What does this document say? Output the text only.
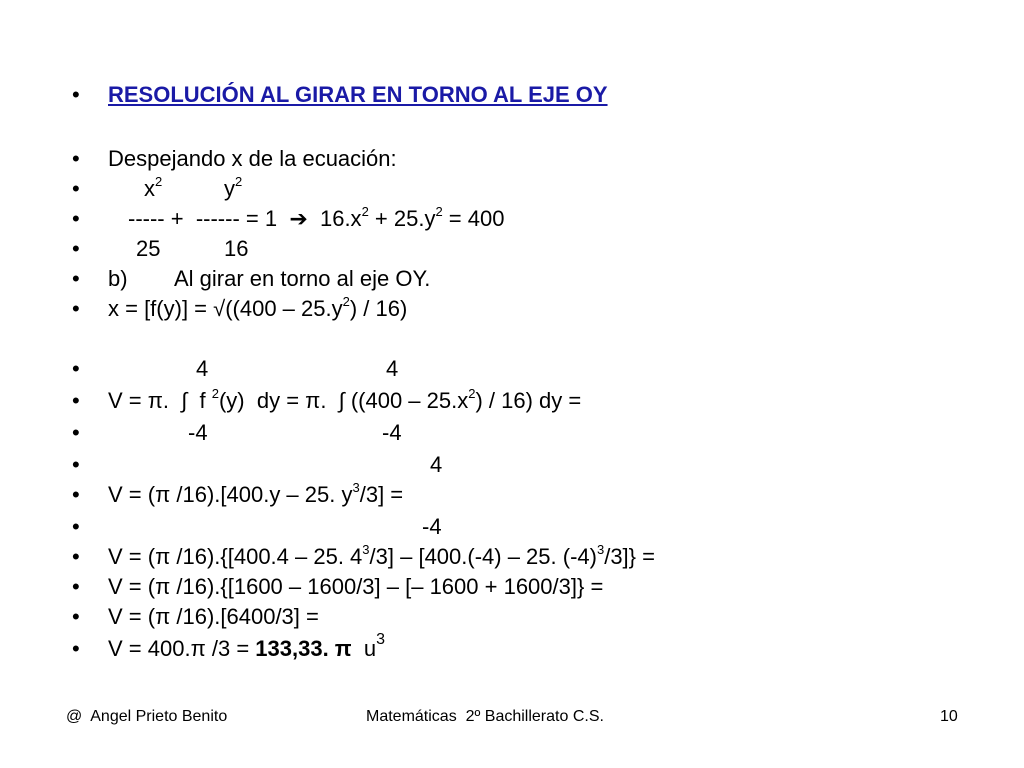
•

RESOLUCIÓN AL GIRAR EN TORNO AL EJE OY

•

Despejando x de la ecuación:

•

	$x^2$

	$y^2$

•

----- +  ------ = 1  ➔  $16.x^2 + 25.y^2 = 400$

•

	25

	16

•

b)

Al girar en torno al eje OY.

•

$x = [f(y)] = √((400 - 25.y^2) / 16)$

•

	4

	4

•

V = π.  ∫  f $^2$(y)  dy = π.  ∫ $((400 - 25.x^2) / 16)$ dy =

•

	-4

	-4

•

	4

•

V = (π /16).[400.y – 25. $y^3/3$] =

•

	-4

•

V = (π /16).{[400.4 – 25. $4^3/3] - [400.(-4) - 25$. $(-4)^3/3$]} =

•

V = (π /16).{[1600 – 1600/3] – [– 1600 + 1600/3]} =

•

V = (π /16).[6400/3] =

•

V = 400.π /3 = 133,33. π  $u^3$

@  Angel Prieto Benito	Matemáticas  2º Bachillerato C.S.	10
